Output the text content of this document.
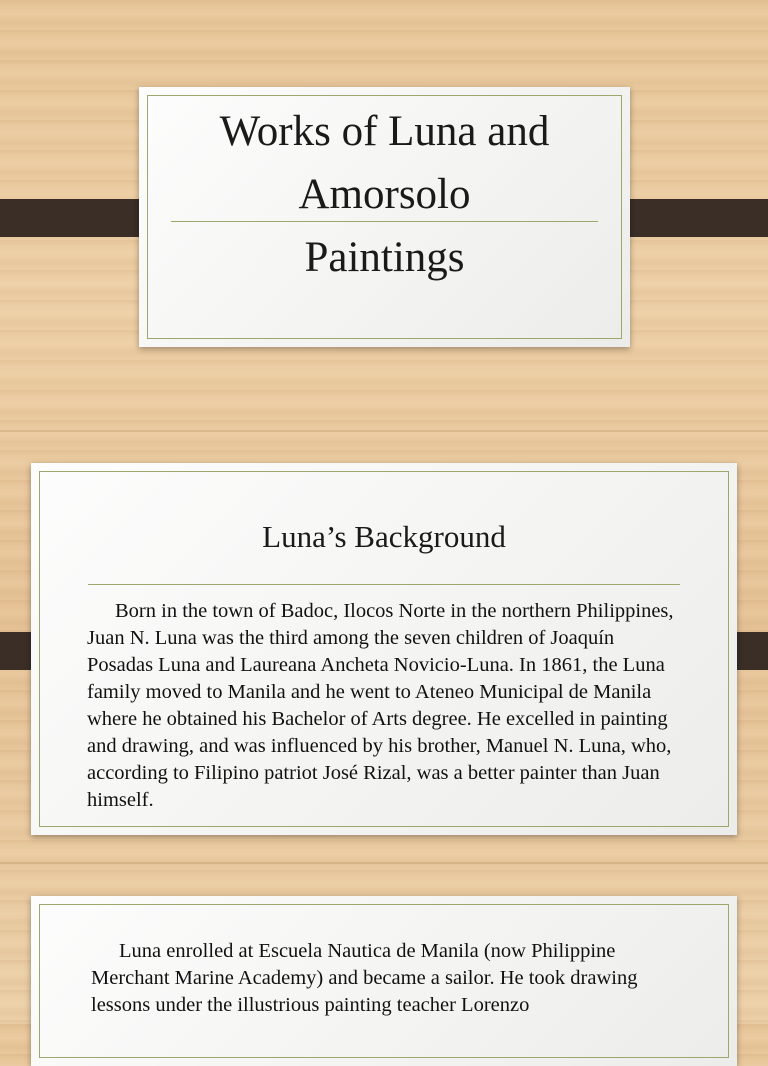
Works of Luna and
Amorsolo
Paintings
Luna’s Background

Born in the town of Badoc, Ilocos Norte in the northern Philippines, Juan N. Luna was the third among the seven children of Joaquín Posadas Luna and Laureana Ancheta Novicio-Luna. In 1861, the Luna family moved to Manila and he went to Ateneo Municipal de Manila where he obtained his Bachelor of Arts degree. He excelled in painting and drawing, and was influenced by his brother, Manuel N. Luna, who, according to Filipino patriot José Rizal, was a better painter than Juan himself.

Luna enrolled at Escuela Nautica de Manila (now Philippine Merchant Marine Academy) and became a sailor. He took drawing lessons under the illustrious painting teacher Lorenzo
